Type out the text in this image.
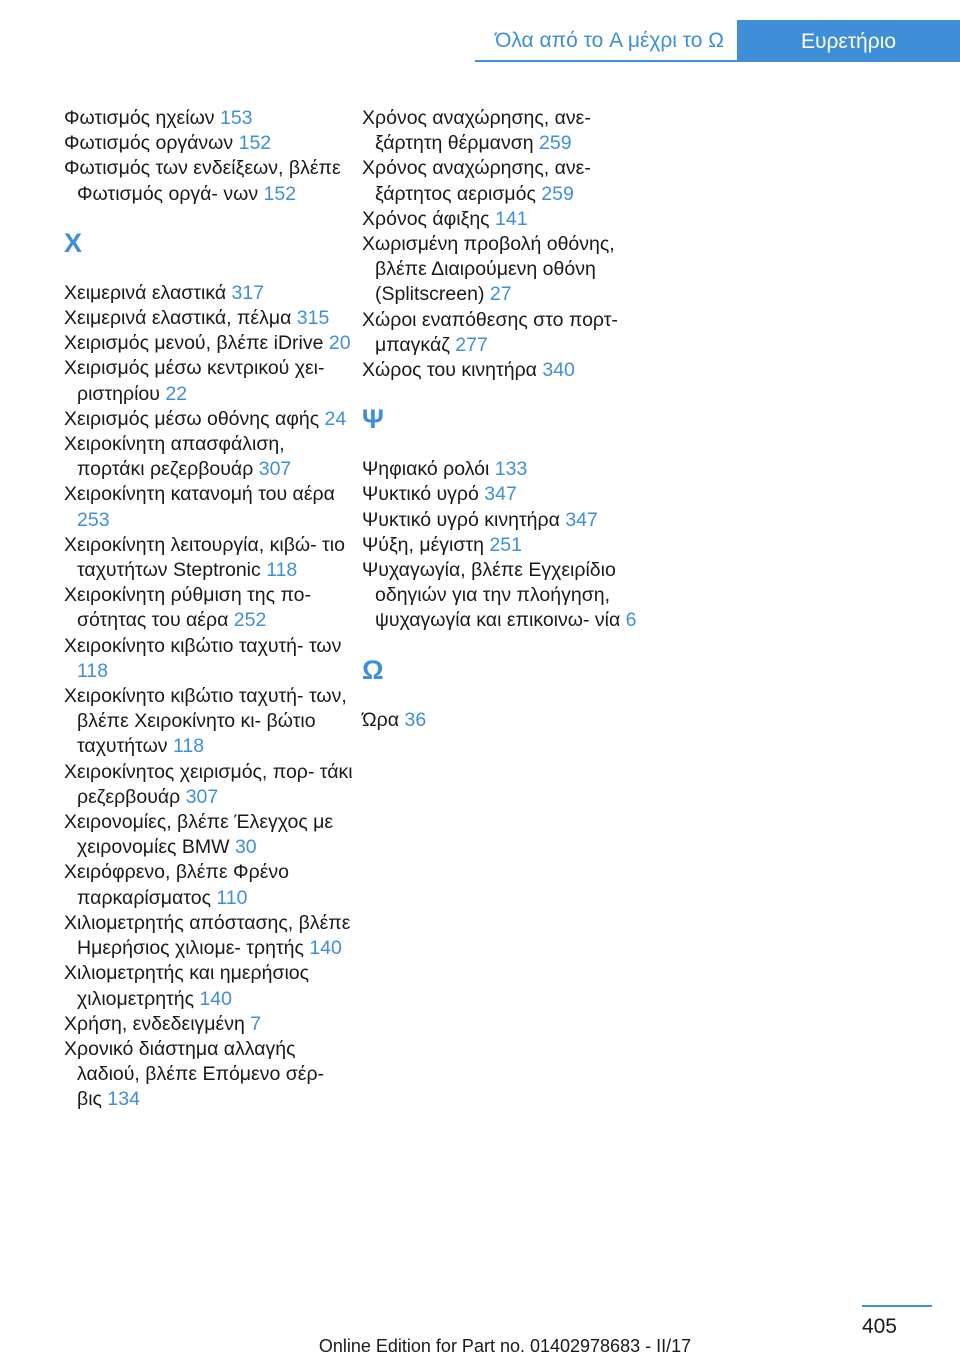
Όλα από το A μέχρι το Ω	Ευρετήριο
Φωτισμός ηχείων 153
Φωτισμός οργάνων 152
Φωτισμός των ενδείξεων, βλέπε Φωτισμός οργά‐ νων 152
X
Χειμερινά ελαστικά 317
Χειμερινά ελαστικά, πέλμα 315
Χειρισμός μενού, βλέπε iDrive 20
Χειρισμός μέσω κεντρικού χει‐ ριστηρίου 22
Χειρισμός μέσω οθόνης αφής 24
Χειροκίνητη απασφάλιση, πορτάκι ρεζερβουάρ 307
Χειροκίνητη κατανομή του αέρα 253
Χειροκίνητη λειτουργία, κιβώ‐ τιο ταχυτήτων Steptronic 118
Χειροκίνητη ρύθμιση της πο‐ σότητας του αέρα 252
Χειροκίνητο κιβώτιο ταχυτή‐ των 118
Χειροκίνητο κιβώτιο ταχυτή‐ των, βλέπε Χειροκίνητο κι‐ βώτιο ταχυτήτων 118
Χειροκίνητος χειρισμός, πορ‐ τάκι ρεζερβουάρ 307
Χειρονομίες, βλέπε Έλεγχος με χειρονομίες BMW 30
Χειρόφρενο, βλέπε Φρένο παρκαρίσματος 110
Χιλιομετρητής απόστασης, βλέπε Ημερήσιος χιλιομε‐ τρητής 140
Χιλιομετρητής και ημερήσιος χιλιομετρητής 140
Χρήση, ενδεδειγμένη 7
Χρονικό διάστημα αλλαγής λαδιού, βλέπε Επόμενο σέρ‐ βις 134
Χρόνος αναχώρησης, ανε‐ ξάρτητη θέρμανση 259
Χρόνος αναχώρησης, ανε‐ ξάρτητος αερισμός 259
Χρόνος άφιξης 141
Χωρισμένη προβολή οθόνης, βλέπε Διαιρούμενη οθόνη (Splitscreen) 27
Χώροι εναπόθεσης στο πορτ‐ μπαγκάζ 277
Χώρος του κινητήρα 340
Ψ
Ψηφιακό ρολόι 133
Ψυκτικό υγρό 347
Ψυκτικό υγρό κινητήρα 347
Ψύξη, μέγιστη 251
Ψυχαγωγία, βλέπε Εγχειρίδιο οδηγιών για την πλοήγηση, ψυχαγωγία και επικοινω‐ νία 6
Ω
Ώρα 36
405
Online Edition for Part no. 01402978683 - II/17
